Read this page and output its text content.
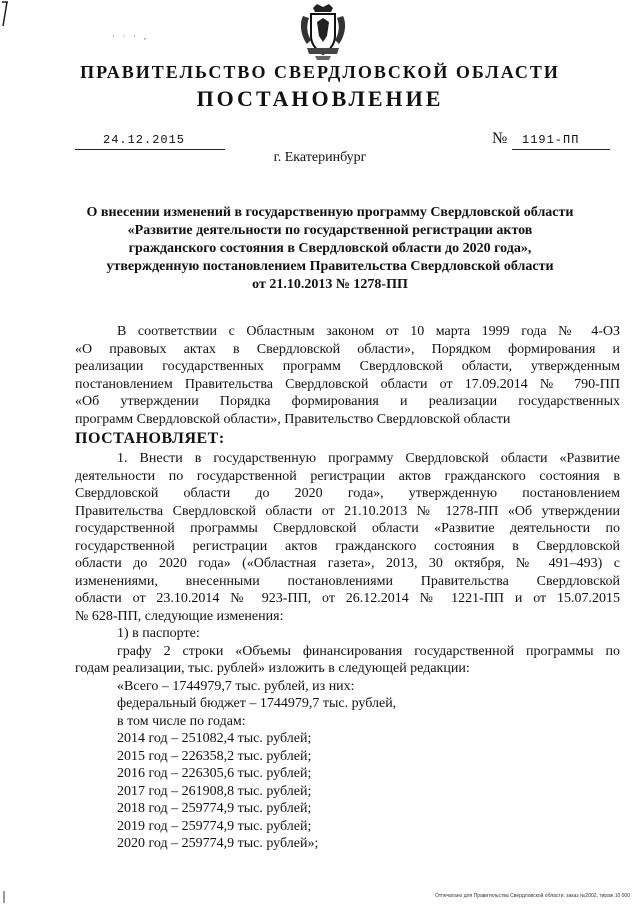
· · · ,
ПРАВИТЕЛЬСТВО СВЕРДЛОВСКОЙ ОБЛАСТИ
ПОСТАНОВЛЕНИЕ
24.12.2015	№ 1191-ПП
г. Екатеринбург
О внесении изменений в государственную программу Свердловской области
«Развитие деятельности по государственной регистрации актов
гражданского состояния в Свердловской области до 2020 года»,
утвержденную постановлением Правительства Свердловской области
от 21.10.2013 № 1278-ПП
В соответствии с Областным законом от 10 марта 1999 года № 4-ОЗ
«О правовых актах в Свердловской области», Порядком формирования и
реализации государственных программ Свердловской области, утвержденным
постановлением Правительства Свердловской области от 17.09.2014 № 790-ПП
«Об утверждении Порядка формирования и реализации государственных
программ Свердловской области», Правительство Свердловской области
ПОСТАНОВЛЯЕТ:
1. Внести в государственную программу Свердловской области «Развитие
деятельности по государственной регистрации актов гражданского состояния в
Свердловской области до 2020 года», утвержденную постановлением
Правительства Свердловской области от 21.10.2013 № 1278-ПП «Об утверждении
государственной программы Свердловской области «Развитие деятельности по
государственной регистрации актов гражданского состояния в Свердловской
области до 2020 года» («Областная газета», 2013, 30 октября, № 491–493) с
изменениями, внесенными постановлениями Правительства Свердловской
области от 23.10.2014 № 923-ПП, от 26.12.2014 № 1221-ПП и от 15.07.2015
№ 628-ПП, следующие изменения:
1) в паспорте:
графу 2 строки «Объемы финансирования государственной программы по
годам реализации, тыс. рублей» изложить в следующей редакции:
«Всего – 1744979,7 тыс. рублей, из них:
федеральный бюджет – 1744979,7 тыс. рублей,
в том числе по годам:
2014 год – 251082,4 тыс. рублей;
2015 год – 226358,2 тыс. рублей;
2016 год – 226305,6 тыс. рублей;
2017 год – 261908,8 тыс. рублей;
2018 год – 259774,9 тыс. рублей;
2019 год – 259774,9 тыс. рублей;
2020 год – 259774,9 тыс. рублей»;
Отпечатано для Правительства Свердловской области. заказ №2002, тираж 10 000
